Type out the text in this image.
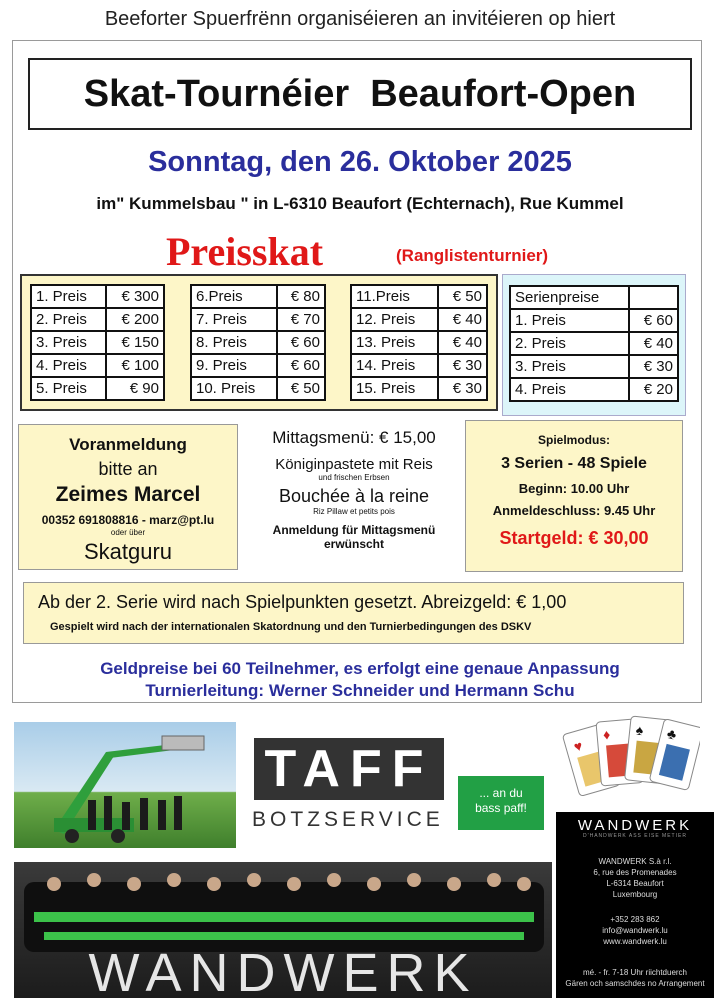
Beeforter Spuerfrënn organiséieren an invitéieren op hiert
Skat-Tournéier  Beaufort-Open
Sonntag, den 26. Oktober 2025
im" Kummelsbau " in L-6310 Beaufort (Echternach), Rue Kummel
Preisskat	(Ranglistenturnier)
1. Preis	€ 300
2. Preis	€ 200
3. Preis	€ 150
4. Preis	€ 100
5. Preis	€ 90
6.Preis	€ 80
7. Preis	€ 70
8. Preis	€ 60
9. Preis	€ 60
10. Preis	€ 50
11.Preis	€ 50
12. Preis	€ 40
13. Preis	€ 40
14. Preis	€ 30
15. Preis	€ 30
Serienpreise	
1. Preis	€ 60
2. Preis	€ 40
3. Preis	€ 30
4. Preis	€ 20
Voranmeldung
bitte an
Zeimes Marcel
00352 691808816 - marz@pt.lu
oder über
Skatguru
Mittagsmenü: € 15,00
Königinpastete mit Reis
und frischen Erbsen
Bouchée à la reine
Riz Pillaw et petits pois
Anmeldung für Mittagsmenü
erwünscht
Spielmodus:
3 Serien - 48 Spiele
Beginn: 10.00 Uhr
Anmeldeschluss: 9.45 Uhr
Startgeld: € 30,00
Ab der 2. Serie wird nach Spielpunkten gesetzt. Abreizgeld: € 1,00
Gespielt wird nach der internationalen Skatordnung und den Turnierbedingungen des DSKV
Geldpreise bei 60 Teilnehmer, es erfolgt eine genaue Anpassung
Turnierleitung: Werner Schneider und Hermann Schu
TAFF
BOTZSERVICE
... an du
bass paff!
♥
♦ ♠ ♣
WANDWERK
D'HANDWERK ASS EISE METIER
WANDWERK S.à r.l.
6, rue des Promenades
L-6314 Beaufort
Luxembourg
+352 283 862
info@wandwerk.lu
www.wandwerk.lu
mé. - fr. 7-18 Uhr riichtduerch
Gären och samschdes no Arrangement
WANDWERK
